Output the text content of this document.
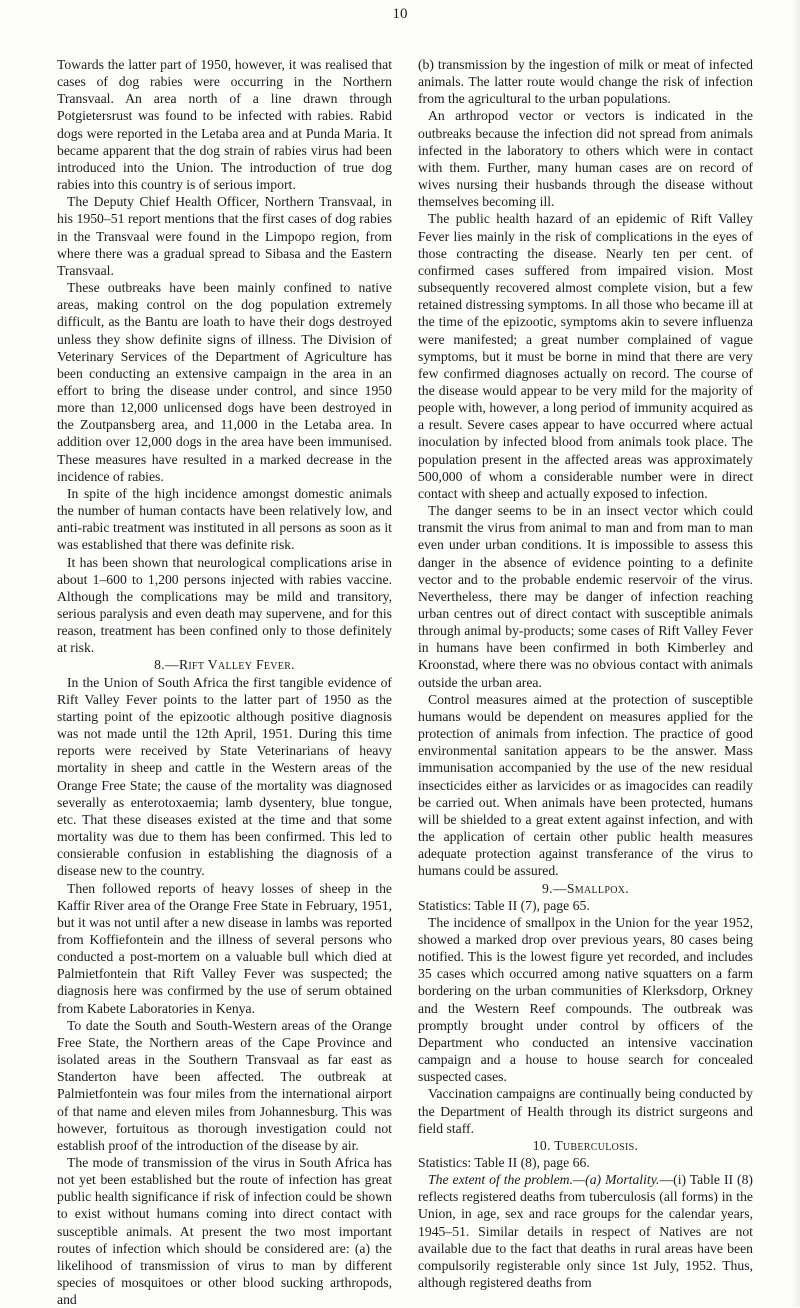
10

Towards the latter part of 1950, however, it was realised that cases of dog rabies were occurring in the Northern Transvaal. An area north of a line drawn through Potgietersrust was found to be infected with rabies. Rabid dogs were reported in the Letaba area and at Punda Maria. It became apparent that the dog strain of rabies virus had been introduced into the Union. The introduction of true dog rabies into this country is of serious import.

The Deputy Chief Health Officer, Northern Transvaal, in his 1950–51 report mentions that the first cases of dog rabies in the Transvaal were found in the Limpopo region, from where there was a gradual spread to Sibasa and the Eastern Transvaal.

These outbreaks have been mainly confined to native areas, making control on the dog population extremely difficult, as the Bantu are loath to have their dogs destroyed unless they show definite signs of illness. The Division of Veterinary Services of the Department of Agriculture has been conducting an extensive campaign in the area in an effort to bring the disease under control, and since 1950 more than 12,000 unlicensed dogs have been destroyed in the Zoutpansberg area, and 11,000 in the Letaba area. In addition over 12,000 dogs in the area have been immunised. These measures have resulted in a marked decrease in the incidence of rabies.

In spite of the high incidence amongst domestic animals the number of human contacts have been relatively low, and anti-rabic treatment was instituted in all persons as soon as it was established that there was definite risk.

It has been shown that neurological complications arise in about 1–600 to 1,200 persons injected with rabies vaccine. Although the complications may be mild and transitory, serious paralysis and even death may supervene, and for this reason, treatment has been confined only to those definitely at risk.

8.—Rift Valley Fever.

In the Union of South Africa the first tangible evidence of Rift Valley Fever points to the latter part of 1950 as the starting point of the epizootic although positive diagnosis was not made until the 12th April, 1951. During this time reports were received by State Veterinarians of heavy mortality in sheep and cattle in the Western areas of the Orange Free State; the cause of the mortality was diagnosed severally as enterotoxaemia; lamb dysentery, blue tongue, etc. That these diseases existed at the time and that some mortality was due to them has been confirmed. This led to consierable confusion in establishing the diagnosis of a disease new to the country.

Then followed reports of heavy losses of sheep in the Kaffir River area of the Orange Free State in February, 1951, but it was not until after a new disease in lambs was reported from Koffiefontein and the illness of several persons who conducted a post-mortem on a valuable bull which died at Palmietfontein that Rift Valley Fever was suspected; the diagnosis here was confirmed by the use of serum obtained from Kabete Laboratories in Kenya.

To date the South and South-Western areas of the Orange Free State, the Northern areas of the Cape Province and isolated areas in the Southern Transvaal as far east as Standerton have been affected. The outbreak at Palmietfontein was four miles from the international airport of that name and eleven miles from Johannesburg. This was however, fortuitous as thorough investigation could not establish proof of the introduction of the disease by air.

The mode of transmission of the virus in South Africa has not yet been established but the route of infection has great public health significance if risk of infection could be shown to exist without humans coming into direct contact with susceptible animals. At present the two most important routes of infection which should be considered are: (a) the likelihood of transmission of virus to man by different species of mosquitoes or other blood sucking arthropods, and

(b) transmission by the ingestion of milk or meat of infected animals. The latter route would change the risk of infection from the agricultural to the urban populations.

An arthropod vector or vectors is indicated in the outbreaks because the infection did not spread from animals infected in the laboratory to others which were in contact with them. Further, many human cases are on record of wives nursing their husbands through the disease without themselves becoming ill.

The public health hazard of an epidemic of Rift Valley Fever lies mainly in the risk of complications in the eyes of those contracting the disease. Nearly ten per cent. of confirmed cases suffered from impaired vision. Most subsequently recovered almost complete vision, but a few retained distressing symptoms. In all those who became ill at the time of the epizootic, symptoms akin to severe influenza were manifested; a great number complained of vague symptoms, but it must be borne in mind that there are very few confirmed diagnoses actually on record. The course of the disease would appear to be very mild for the majority of people with, however, a long period of immunity acquired as a result. Severe cases appear to have occurred where actual inoculation by infected blood from animals took place. The population present in the affected areas was approximately 500,000 of whom a considerable number were in direct contact with sheep and actually exposed to infection.

The danger seems to be in an insect vector which could transmit the virus from animal to man and from man to man even under urban conditions. It is impossible to assess this danger in the absence of evidence pointing to a definite vector and to the probable endemic reservoir of the virus. Nevertheless, there may be danger of infection reaching urban centres out of direct contact with susceptible animals through animal by-products; some cases of Rift Valley Fever in humans have been confirmed in both Kimberley and Kroonstad, where there was no obvious contact with animals outside the urban area.

Control measures aimed at the protection of susceptible humans would be dependent on measures applied for the protection of animals from infection. The practice of good environmental sanitation appears to be the answer. Mass immunisation accompanied by the use of the new residual insecticides either as larvicides or as imagocides can readily be carried out. When animals have been protected, humans will be shielded to a great extent against infection, and with the application of certain other public health measures adequate protection against transferance of the virus to humans could be assured.

9.—Smallpox.

Statistics: Table II (7), page 65.

The incidence of smallpox in the Union for the year 1952, showed a marked drop over previous years, 80 cases being notified. This is the lowest figure yet recorded, and includes 35 cases which occurred among native squatters on a farm bordering on the urban communities of Klerksdorp, Orkney and the Western Reef compounds. The outbreak was promptly brought under control by officers of the Department who conducted an intensive vaccination campaign and a house to house search for concealed suspected cases.

Vaccination campaigns are continually being conducted by the Department of Health through its district surgeons and field staff.

10. Tuberculosis.

Statistics: Table II (8), page 66.

The extent of the problem.—(a) Mortality.—(i) Table II (8) reflects registered deaths from tuberculosis (all forms) in the Union, in age, sex and race groups for the calendar years, 1945–51. Similar details in respect of Natives are not available due to the fact that deaths in rural areas have been compulsorily registerable only since 1st July, 1952. Thus, although registered deaths from
